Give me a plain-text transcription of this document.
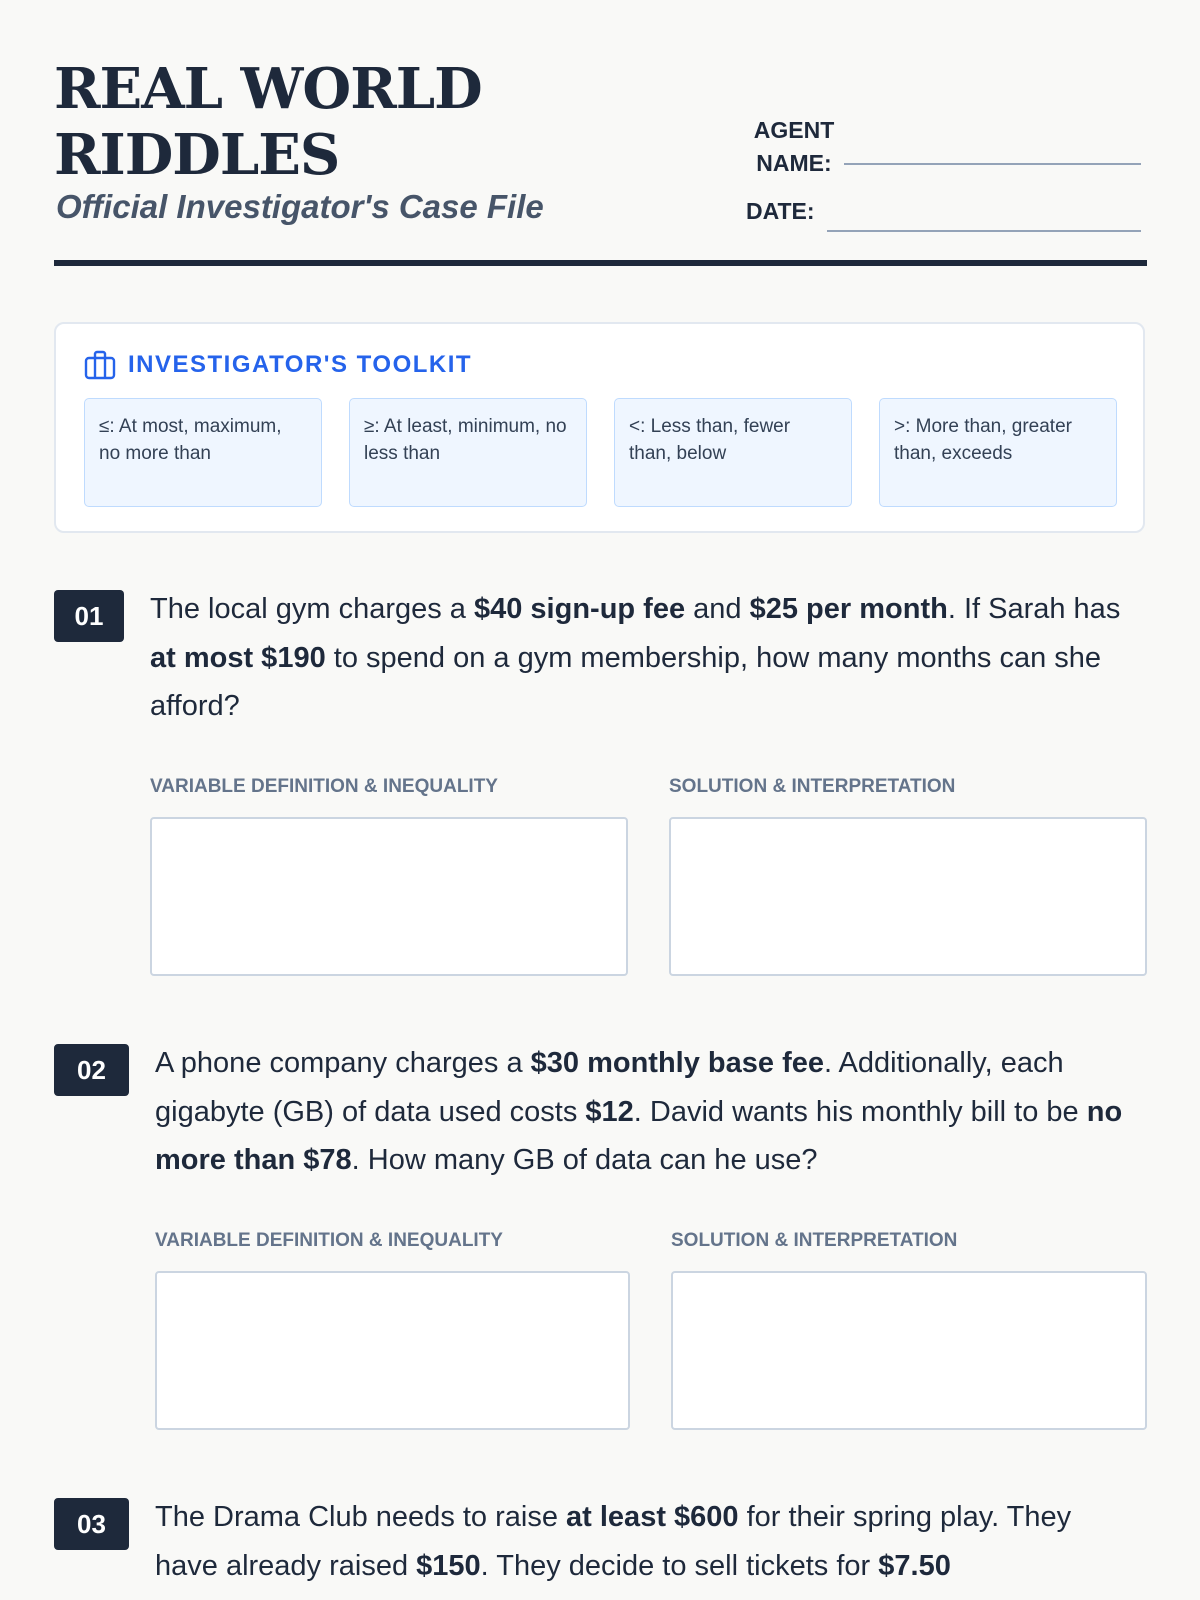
REAL WORLD
RIDDLES

Official Investigator's Case File

AGENT
NAME:
DATE:
INVESTIGATOR'S TOOLKIT
≤: At most, maximum, no more than
≥: At least, minimum, no less than
<: Less than, fewer than, below
>: More than, greater than, exceeds
01	The local gym charges a $40 sign-up fee and $25 per month. If Sarah has at most $190 to spend on a gym membership, how many months can she afford?

VARIABLE DEFINITION & INEQUALITY	SOLUTION & INTERPRETATION
02	A phone company charges a $30 monthly base fee. Additionally, each gigabyte (GB) of data used costs $12. David wants his monthly bill to be no more than $78. How many GB of data can he use?

VARIABLE DEFINITION & INEQUALITY	SOLUTION & INTERPRETATION
03	The Drama Club needs to raise at least $600 for their spring play. They have already raised $150. They decide to sell tickets for $7.50
